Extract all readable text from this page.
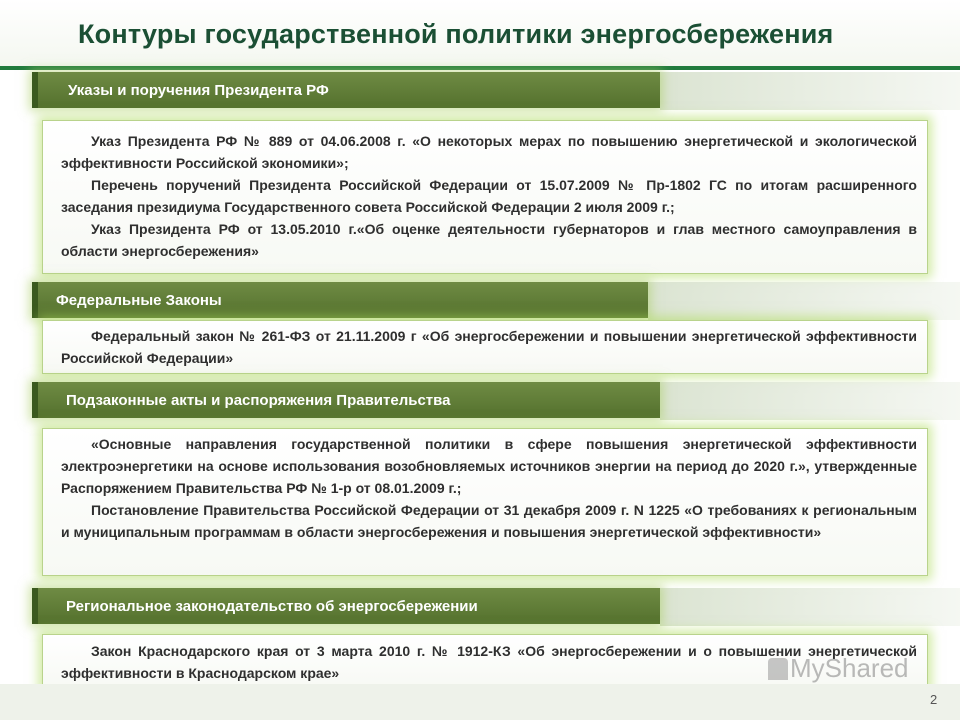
Контуры государственной политики энергосбережения
Указы и поручения Президента РФ

Указ Президента РФ № 889 от 04.06.2008 г. «О некоторых мерах по повышению энергетической и экологической эффективности Российской экономики»;

Перечень поручений Президента Российской Федерации от 15.07.2009 № Пр-1802 ГС по итогам расширенного заседания президиума Государственного совета Российской Федерации 2 июля 2009 г.;

Указ Президента РФ от 13.05.2010 г.«Об оценке деятельности губернаторов и глав местного самоуправления в области энергосбережения»

Федеральные Законы

Федеральный закон № 261-ФЗ от 21.11.2009 г «Об энергосбережении и повышении энергетической эффективности Российской Федерации»

Подзаконные акты и распоряжения Правительства

«Основные направления государственной политики в сфере повышения энергетической эффективности электроэнергетики на основе использования возобновляемых источников энергии на период до 2020 г.», утвержденные Распоряжением Правительства РФ № 1-р от 08.01.2009 г.;

Постановление Правительства Российской Федерации от 31 декабря 2009 г. N 1225 «О требованиях к региональным и муниципальным программам в области энергосбережения и повышения энергетической эффективности»

Региональное законодательство об энергосбережении

Закон Краснодарского края от 3 марта 2010 г. № 1912-КЗ «Об энергосбережении и о повышении энергетической эффективности в Краснодарском крае»	MyShared
2
